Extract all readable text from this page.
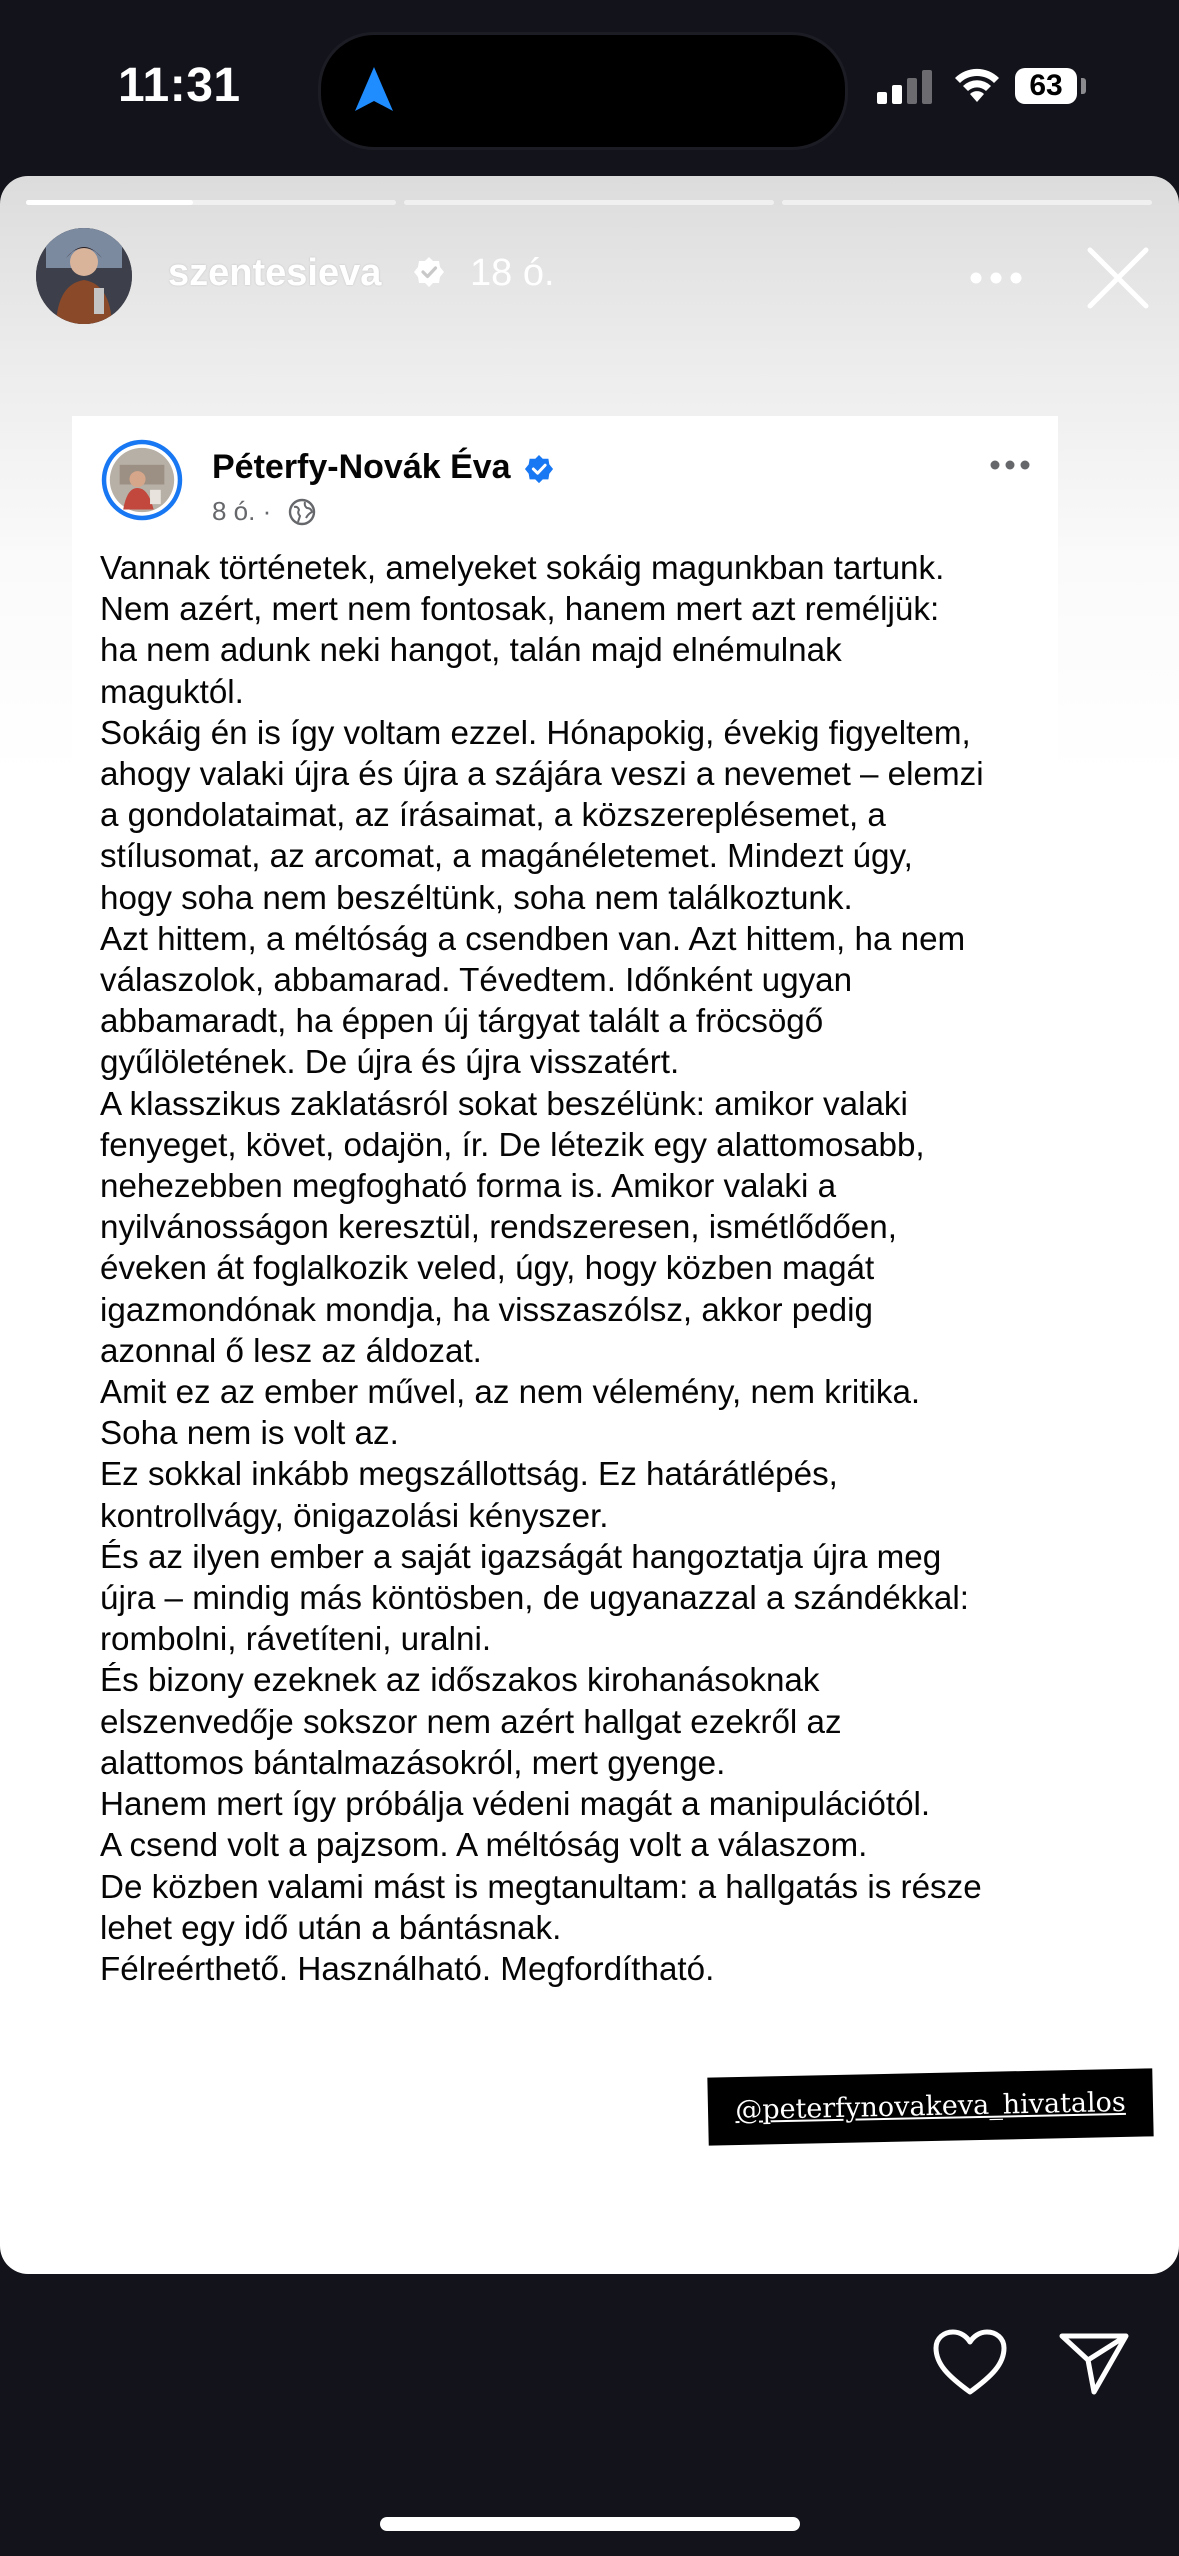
11:31	63
szentesieva 18 ó.
Péterfy-Novák Éva
8 ó. ·

Vannak történetek, amelyeket sokáig magunkban tartunk.

Nem azért, mert nem fontosak, hanem mert azt reméljük:

ha nem adunk neki hangot, talán majd elnémulnak

maguktól.

Sokáig én is így voltam ezzel. Hónapokig, évekig figyeltem,

ahogy valaki újra és újra a szájára veszi a nevemet – elemzi

a gondolataimat, az írásaimat, a közszereplésemet, a

stílusomat, az arcomat, a magánéletemet. Mindezt úgy,

hogy soha nem beszéltünk, soha nem találkoztunk.

Azt hittem, a méltóság a csendben van. Azt hittem, ha nem

válaszolok, abbamarad. Tévedtem. Időnként ugyan

abbamaradt, ha éppen új tárgyat talált a fröcsögő

gyűlöletének. De újra és újra visszatért.

A klasszikus zaklatásról sokat beszélünk: amikor valaki

fenyeget, követ, odajön, ír. De létezik egy alattomosabb,

nehezebben megfogható forma is. Amikor valaki a

nyilvánosságon keresztül, rendszeresen, ismétlődően,

éveken át foglalkozik veled, úgy, hogy közben magát

igazmondónak mondja, ha visszaszólsz, akkor pedig

azonnal ő lesz az áldozat.

Amit ez az ember művel, az nem vélemény, nem kritika.

Soha nem is volt az.

Ez sokkal inkább megszállottság. Ez határátlépés,

kontrollvágy, önigazolási kényszer.

És az ilyen ember a saját igazságát hangoztatja újra meg

újra – mindig más köntösben, de ugyanazzal a szándékkal:

rombolni, rávetíteni, uralni.

És bizony ezeknek az időszakos kirohanásoknak

elszenvedője sokszor nem azért hallgat ezekről az

alattomos bántalmazásokról, mert gyenge.

Hanem mert így próbálja védeni magát a manipulációtól.

A csend volt a pajzsom. A méltóság volt a válaszom.

De közben valami mást is megtanultam: a hallgatás is része

lehet egy idő után a bántásnak.

Félreérthető. Használható. Megfordítható.

@peterfynovakeva_hivatalos
